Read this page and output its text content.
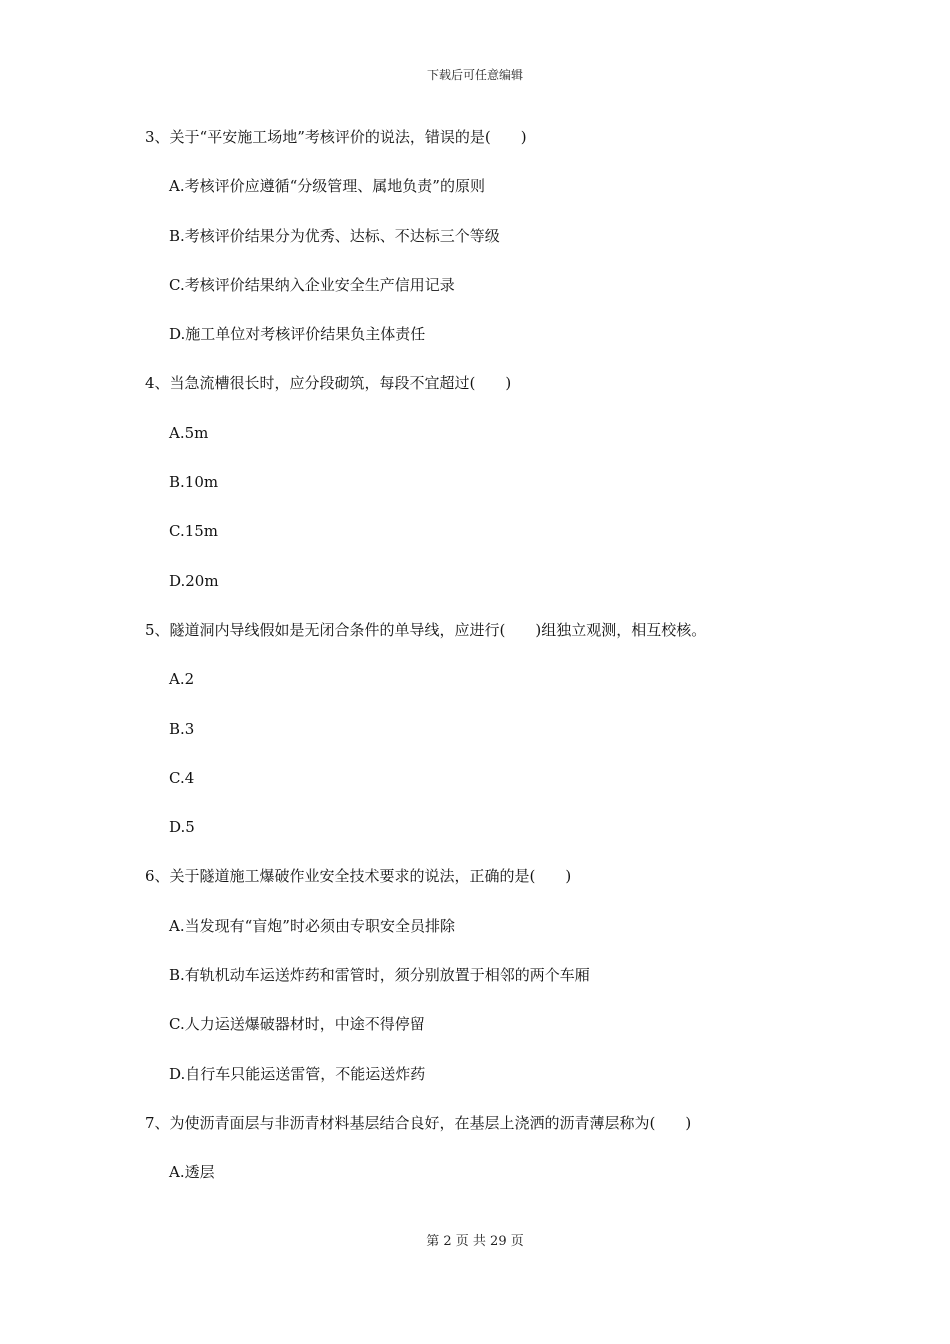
下载后可任意编辑
3、关于“平安施工场地”考核评价的说法，错误的是(　　)
A.考核评价应遵循“分级管理、属地负责”的原则
B.考核评价结果分为优秀、达标、不达标三个等级
C.考核评价结果纳入企业安全生产信用记录
D.施工单位对考核评价结果负主体责任
4、当急流槽很长时，应分段砌筑，每段不宜超过(　　)
A.5m
B.10m
C.15m
D.20m
5、隧道洞内导线假如是无闭合条件的单导线，应进行(　　)组独立观测，相互校核。
A.2
B.3
C.4
D.5
6、关于隧道施工爆破作业安全技术要求的说法，正确的是(　　)
A.当发现有“盲炮”时必须由专职安全员排除
B.有轨机动车运送炸药和雷管时，须分别放置于相邻的两个车厢
C.人力运送爆破器材时，中途不得停留
D.自行车只能运送雷管，不能运送炸药
7、为使沥青面层与非沥青材料基层结合良好，在基层上浇洒的沥青薄层称为(　　)
A.透层
第 2 页 共 29 页
